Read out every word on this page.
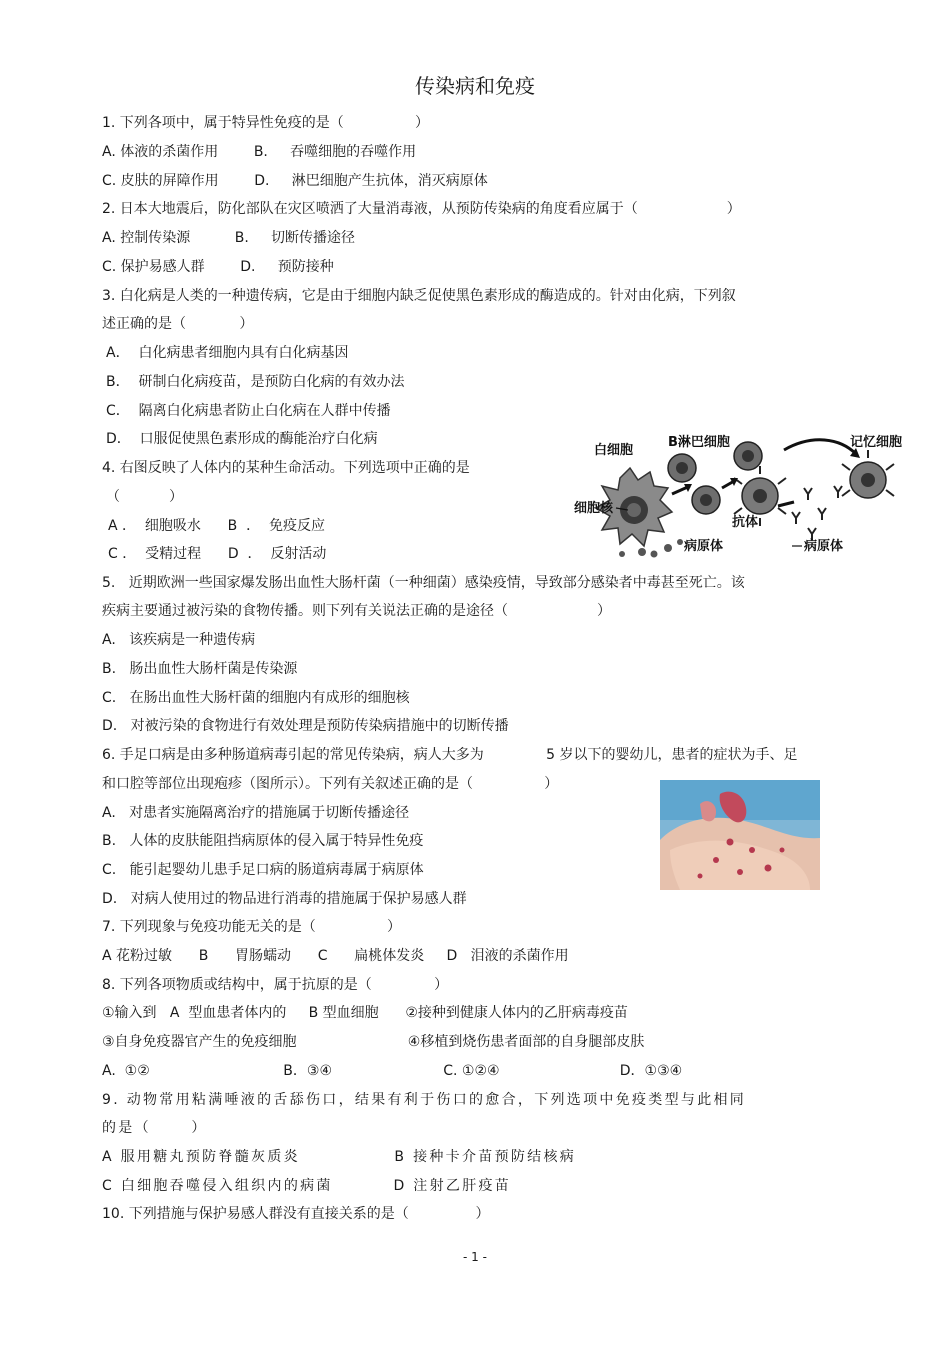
传染病和免疫
1. 下列各项中，属于特异性免疫的是（                ）
A. 体液的杀菌作用        B.     吞噬细胞的吞噬作用
C. 皮肤的屏障作用        D.     淋巴细胞产生抗体，消灭病原体
2. 日本大地震后，防化部队在灾区喷洒了大量消毒液，从预防传染病的角度看应属于（                    ）
A. 控制传染源          B.     切断传播途径
C. 保护易感人群        D.     预防接种
3. 白化病是人类的一种遗传病，它是由于细胞内缺乏促使黑色素形成的酶造成的。针对由化病，下列叙
述正确的是（            ）
A．  白化病患者细胞内具有白化病基因
B．  研制白化病疫苗，是预防白化病的有效办法
C．  隔离白化病患者防止白化病在人群中传播
D．  口服促使黑色素形成的酶能治疗白化病
4. 右图反映了人体内的某种生命活动。下列选项中正确的是
（           ）
A ．  细胞吸水      B  ．  免疫反应
C ．  受精过程      D  ．  反射活动
5.   近期欧洲一些国家爆发肠出血性大肠杆菌（一种细菌）感染疫情，导致部分感染者中毒甚至死亡。该
疾病主要通过被污染的食物传播。则下列有关说法正确的是途径（                    ）
A.   该疾病是一种遗传病
B.   肠出血性大肠杆菌是传染源
C.   在肠出血性大肠杆菌的细胞内有成形的细胞核
D.   对被污染的食物进行有效处理是预防传染病措施中的切断传播
6. 手足口病是由多种肠道病毒引起的常见传染病，病人大多为              5 岁以下的婴幼儿，患者的症状为手、足
和口腔等部位出现疱疹（图所示）。下列有关叙述正确的是（                ）
A.   对患者实施隔离治疗的措施属于切断传播途径
B.   人体的皮肤能阻挡病原体的侵入属于特异性免疫
C.   能引起婴幼儿患手足口病的肠道病毒属于病原体
D.   对病人使用过的物品进行消毒的措施属于保护易感人群
7. 下列现象与免疫功能无关的是（                ）
A 花粉过敏      B      胃肠蠕动      C      扁桃体发炎     D   泪液的杀菌作用
8. 下列各项物质或结构中，属于抗原的是（              ）
①输入到   A  型血患者体内的     B 型血细胞      ②接种到健康人体内的乙肝病毒疫苗
③自身免疫器官产生的免疫细胞                         ④移植到烧伤患者面部的自身腿部皮肤
A.  ①②                              B．③④                         C. ①②④                           D．①③④
9. 动物常用粘满唾液的舌舔伤口，结果有利于伤口的愈合，下列选项中免疫类型与此相同
的是（      ）
A 服用糖丸预防脊髓灰质炎              B 接种卡介苗预防结核病
C 白细胞吞噬侵入组织内的病菌         D 注射乙肝疫苗
10. 下列措施与保护易感人群没有直接关系的是（               ）
白细胞
B淋巴细胞	记忆细胞
细胞核
抗体
病原体	病原体
- 1 -
